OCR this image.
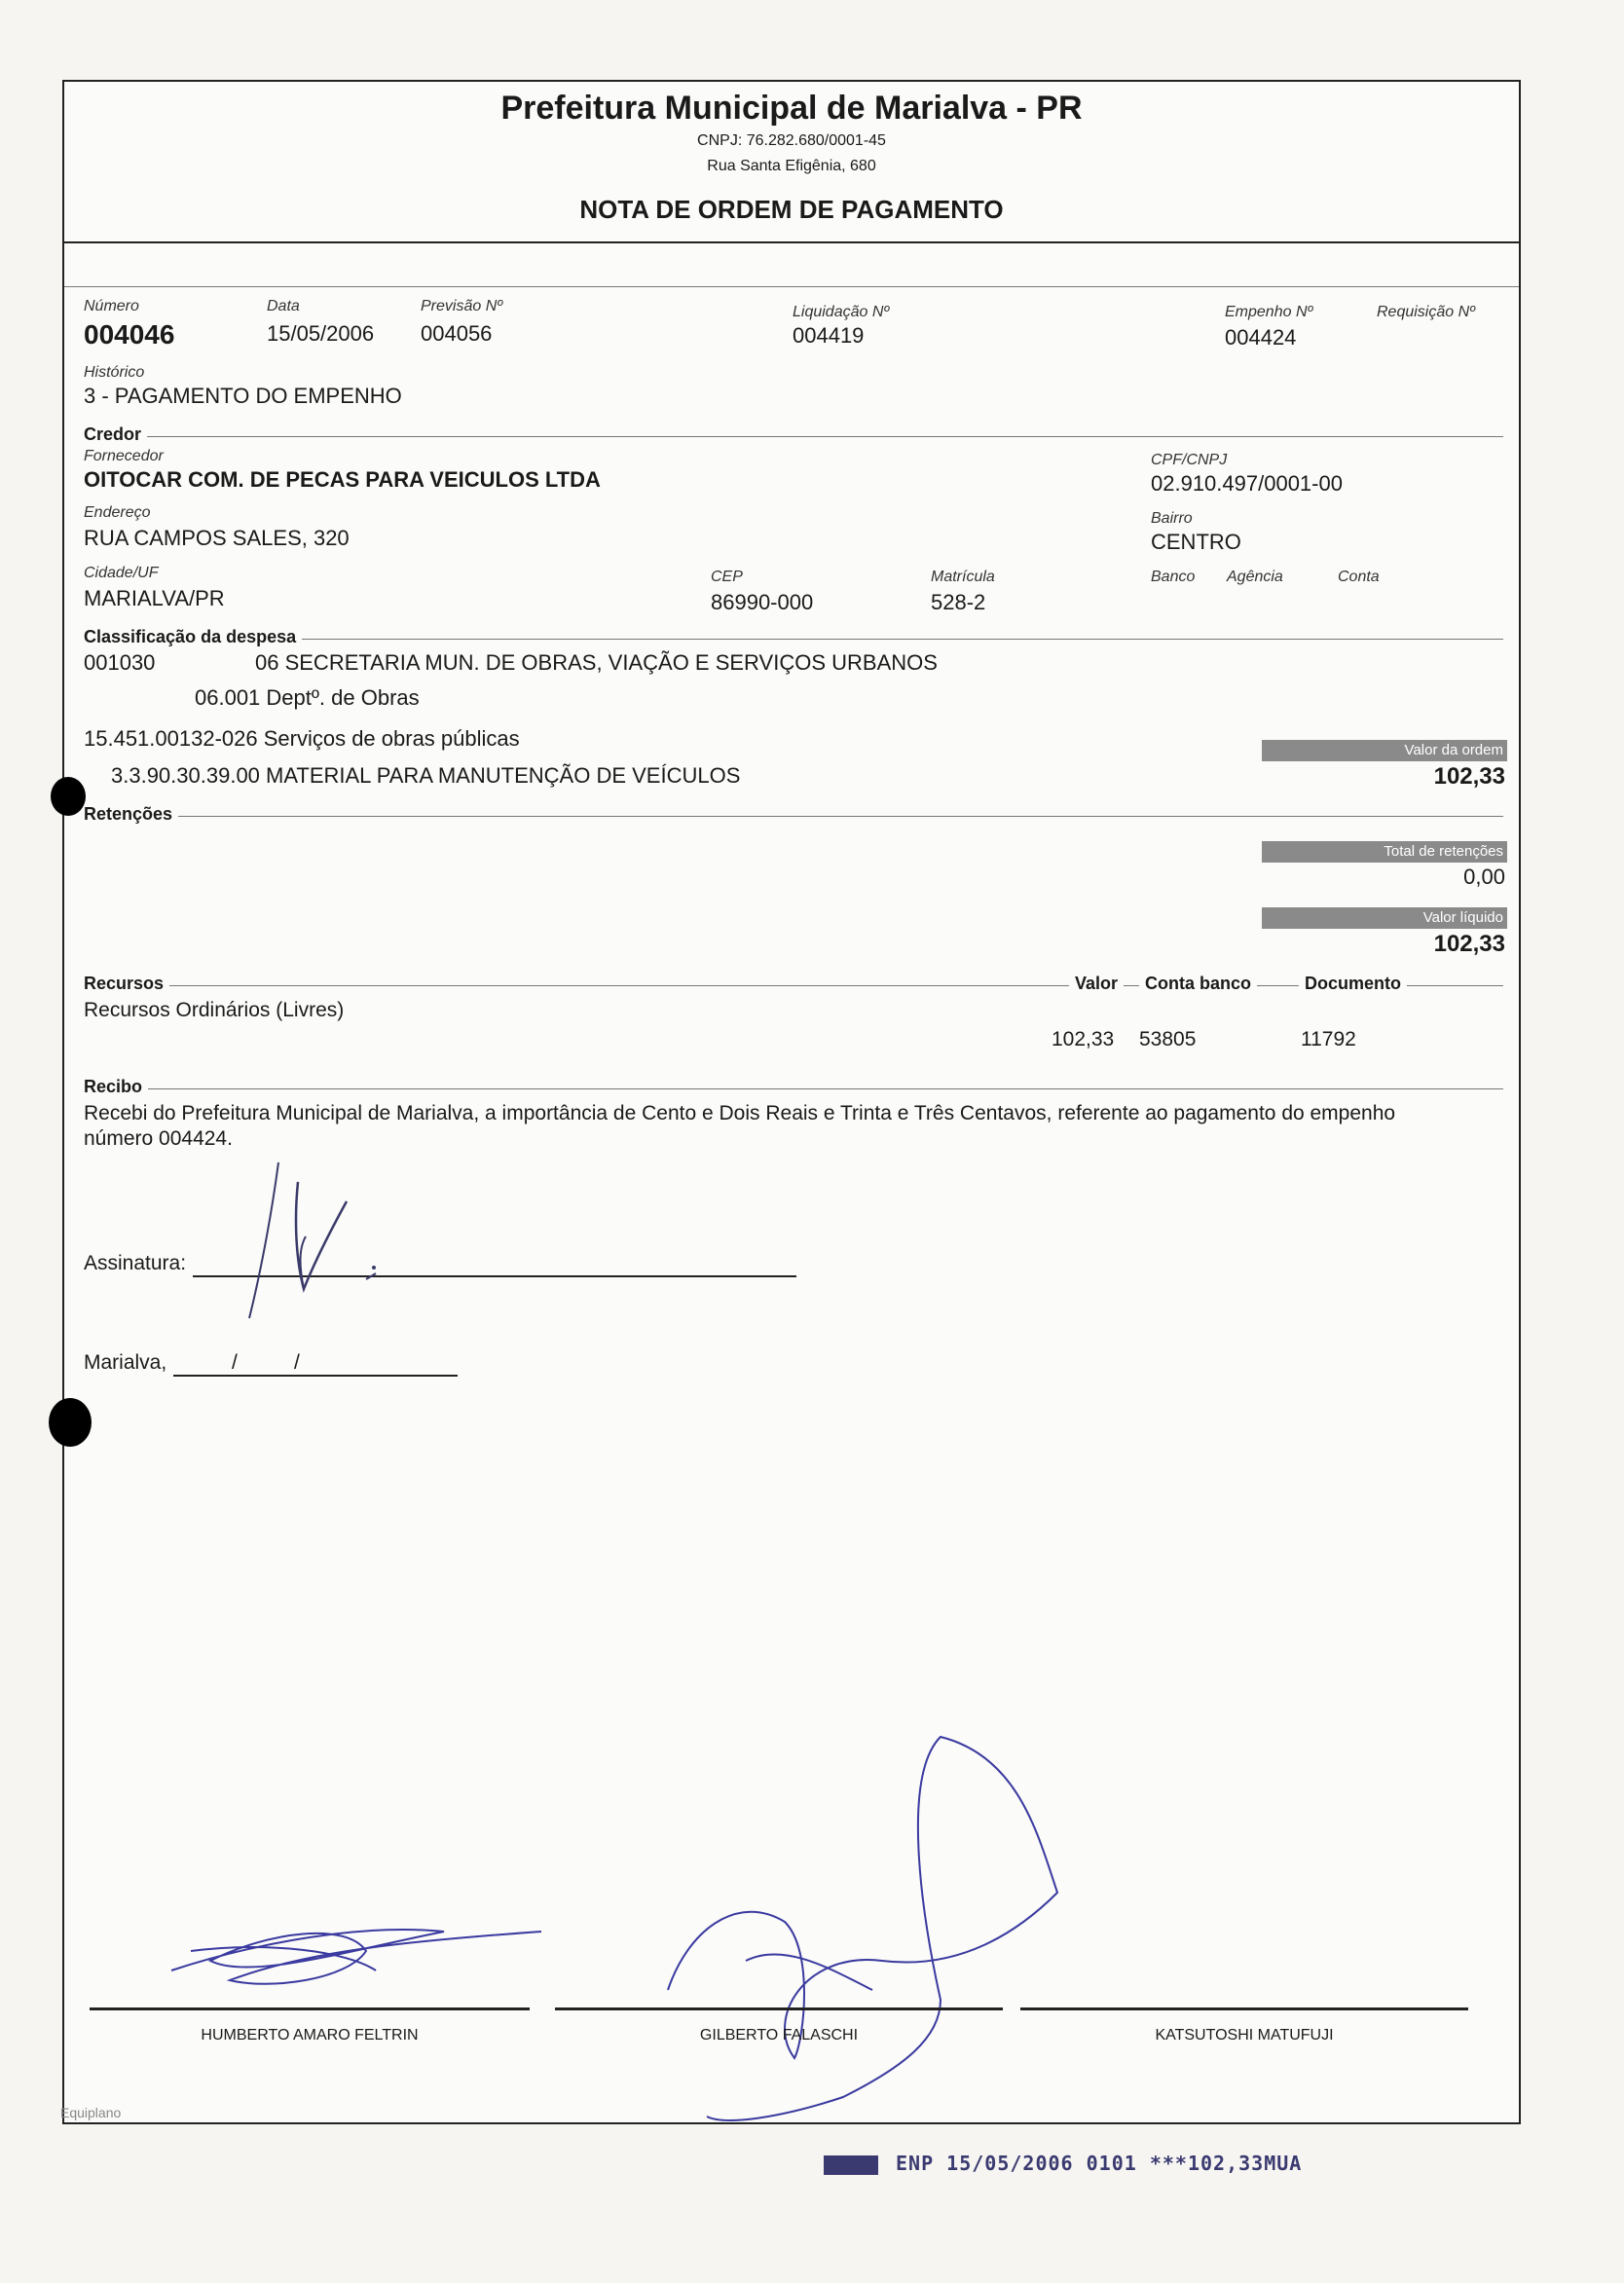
Prefeitura Municipal de Marialva - PR
CNPJ: 76.282.680/0001-45
Rua Santa Efigênia, 680
NOTA DE ORDEM DE PAGAMENTO
Número
004046
Data
15/05/2006
Previsão Nº
004056
Liquidação Nº
004419
Empenho Nº
004424
Requisição Nº
Histórico
3 - PAGAMENTO DO EMPENHO
Credor
Fornecedor
OITOCAR COM. DE PECAS PARA VEICULOS LTDA
CPF/CNPJ
02.910.497/0001-00
Endereço
RUA CAMPOS SALES, 320
Bairro
CENTRO
Cidade/UF
MARIALVA/PR
CEP
86990-000
Matrícula
528-2
Banco Agência	Conta
Classificação da despesa
001030	06 SECRETARIA MUN. DE OBRAS, VIAÇÃO E SERVIÇOS URBANOS
06.001 Deptº. de Obras
15.451.00132-026 Serviços de obras públicas
3.3.90.30.39.00 MATERIAL PARA MANUTENÇÃO DE VEÍCULOS
Valor da ordem
102,33
Retenções
Total de retenções
0,00
Valor líquido
102,33
Recursos	Valor	Conta banco	Documento
Recursos Ordinários (Livres)
102,33 53805	11792
Recibo
Recebi do Prefeitura Municipal de Marialva, a importância de Cento e Dois Reais e Trinta e Três Centavos, referente ao pagamento do empenho
número 004424.
Assinatura:
Marialva,	/	/
HUMBERTO AMARO FELTRIN	GILBERTO FALASCHI	KATSUTOSHI MATUFUJI
Equiplano
ENP 15/05/2006 0101 ***102,33MUA
